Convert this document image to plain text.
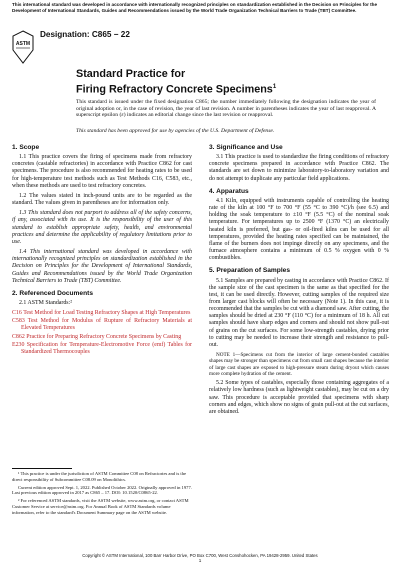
This international standard was developed in accordance with internationally recognized principles on standardization established in the Decision on Principles for the Development of International Standards, Guides and Recommendations issued by the World Trade Organization Technical Barriers to Trade (TBT) Committee.
ASTM
Designation: C865 − 22
Standard Practice for
Firing Refractory Concrete Specimens$^1$
This standard is issued under the fixed designation C865; the number immediately following the designation indicates the year of original adoption or, in the case of revision, the year of last revision. A number in parentheses indicates the year of last reapproval. A superscript epsilon (ε) indicates an editorial change since the last revision or reapproval.
This standard has been approved for use by agencies of the U.S. Department of Defense.
1. Scope

1.1 This practice covers the firing of specimens made from refractory concretes (castable refractories) in accordance with Practice C862 for cast specimens. The procedure is also recommended for heating rates to be used for high-temperature test methods such as Test Methods C16, C583, etc., when these methods are used to test refractory concretes.

1.2 The values stated in inch-pound units are to be regarded as the standard. The values given in parentheses are for information only.

1.3 This standard does not purport to address all of the safety concerns, if any, associated with its use. It is the responsibility of the user of this standard to establish appropriate safety, health, and environmental practices and determine the applicability of regulatory limitations prior to use.

1.4 This international standard was developed in accordance with internationally recognized principles on standardization established in the Decision on Principles for the Development of International Standards, Guides and Recommendations issued by the World Trade Organization Technical Barriers to Trade (TBT) Committee.

2. Referenced Documents

2.1 ASTM Standards:²

C16 Test Method for Load Testing Refractory Shapes at High Temperatures
C583 Test Method for Modulus of Rupture of Refractory Materials at Elevated Temperatures
C862 Practice for Preparing Refractory Concrete Specimens by Casting
E230 Specification for Temperature-Electromotive Force (emf) Tables for Standardized Thermocouples
3. Significance and Use

3.1 This practice is used to standardize the firing conditions of refractory concrete specimens prepared in accordance with Practice C862. The standards are set down to minimize laboratory-to-laboratory variation and do not attempt to duplicate any particular field applications.

4. Apparatus

4.1 Kiln, equipped with instruments capable of controlling the heating rate of the kiln at 100 °F to 700 °F (55 °C to 390 °C)/h (see 6.5) and holding the soak temperature to ±10 °F (5.5 °C) of the nominal soak temperature. For temperatures up to 2500 °F (1370 °C) an electrically heated kiln is preferred, but gas- or oil-fired kilns can be used for all temperatures, provided the heating rates specified can be maintained, the flame of the burners does not impinge directly on any specimens, and the furnace atmosphere contains a minimum of 0.5 % oxygen with 0 % combustibles.

5. Preparation of Samples

5.1 Samples are prepared by casting in accordance with Practice C862. If the sample size of the cast specimen is the same as that specified for the test, it can be used directly. However, cutting samples of the required size from larger cast blocks will often be necessary (Note 1). In this case, it is recommended that the samples be cut with a diamond saw. After cutting, the samples should be dried at 230 °F (110 °C) for a minimum of 18 h. All cut samples should have sharp edges and corners and should not show pull-out of grains on the cut surfaces. For some low-strength castables, drying prior to cutting may be needed to increase their strength and resistance to pull-out.

NOTE 1—Specimens cut from the interior of large cement-bonded castables shapes may be stronger than specimens cut from small cast shapes because the interior of large cast shapes are exposed to high-pressure steam during dryout which causes more complete hydration of the cement.

5.2 Some types of castables, especially those containing aggregates of a relatively low hardness (such as lightweight castables), may be cut on a dry saw. This procedure is acceptable provided that specimens with sharp corners and edges, which show no signs of grain pull-out at the cut surfaces, are obtained.

¹ This practice is under the jurisdiction of ASTM Committee C08 on Refractories and is the direct responsibility of Subcommittee C08.09 on Monolithics.
Current edition approved Sept. 1, 2022. Published October 2022. Originally approved in 1977. Last previous edition approved in 2017 as C865 – 17. DOI: 10.1520/C0865-22.
² For referenced ASTM standards, visit the ASTM website, www.astm.org, or contact ASTM Customer Service at service@astm.org. For Annual Book of ASTM Standards volume information, refer to the standard's Document Summary page on the ASTM website.
Copyright © ASTM International, 100 Barr Harbor Drive, PO Box C700, West Conshohocken, PA 19428-2959. United States
1
